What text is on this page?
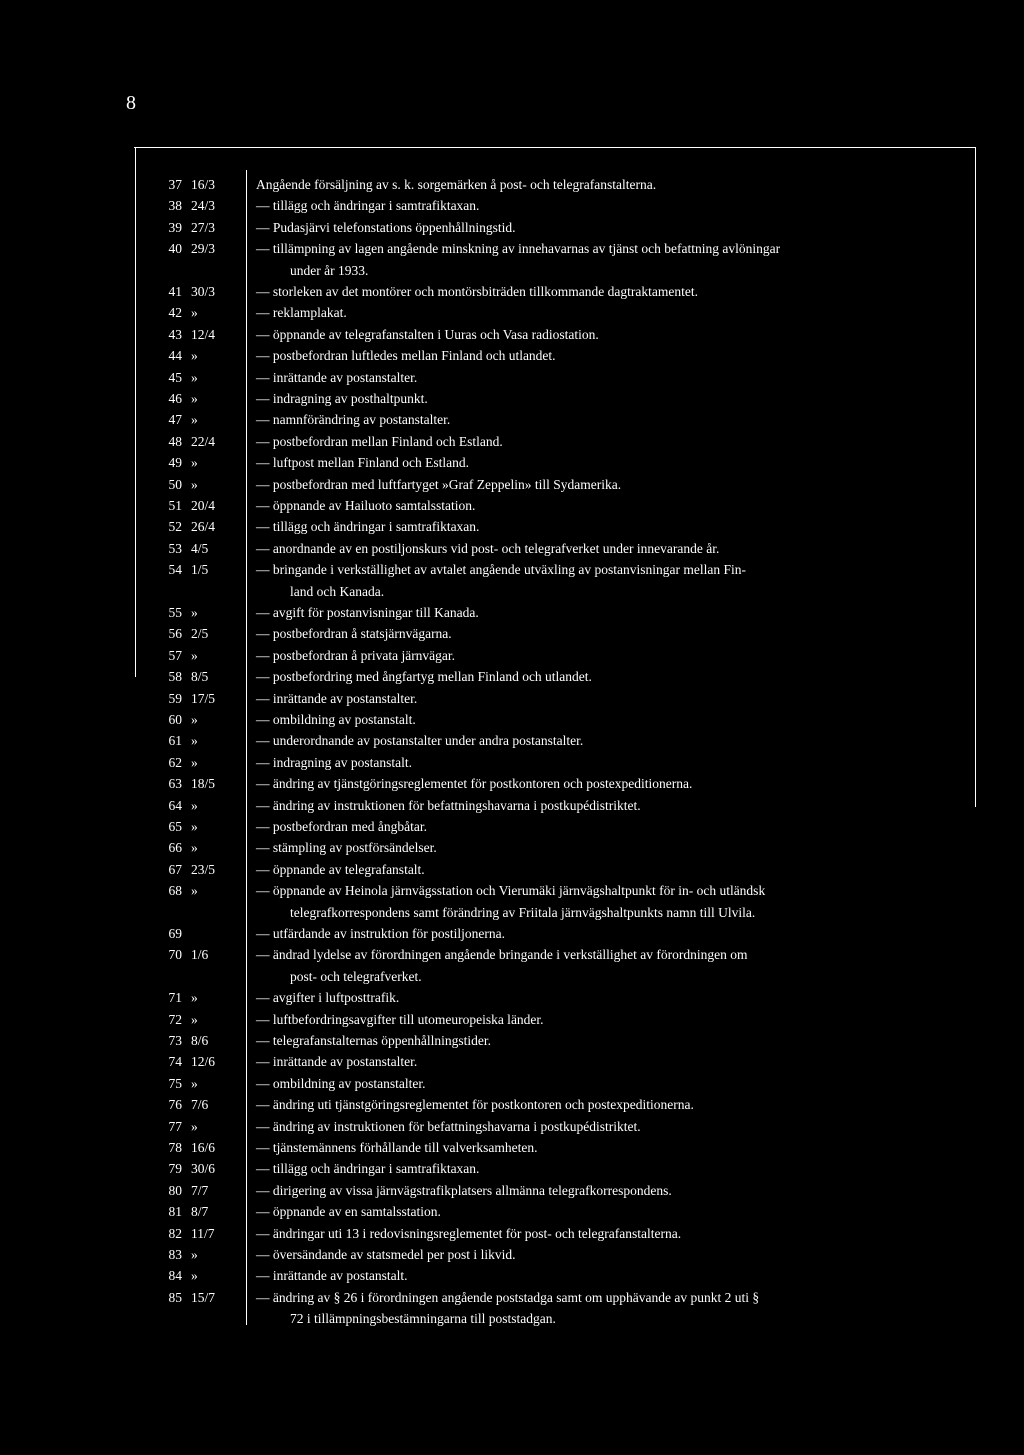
8
37 16/3	Angående försäljning av s. k. sorgemärken å post- och telegrafanstalterna.
38 24/3	— tillägg och ändringar i samtrafiktaxan.
39 27/3	— Pudasjärvi telefonstations öppenhållningstid.
40 29/3	— tillämpning av lagen angående minskning av innehavarnas av tjänst och befattning avlöningar
under år 1933.
41 30/3	— storleken av det montörer och montörsbiträden tillkommande dagtraktamentet.
42 »	— reklamplakat.
43 12/4	— öppnande av telegrafanstalten i Uuras och Vasa radiostation.
44 »	— postbefordran luftledes mellan Finland och utlandet.
45 »	— inrättande av postanstalter.
46 »	— indragning av posthaltpunkt.
47 »	— namnförändring av postanstalter.
48 22/4	— postbefordran mellan Finland och Estland.
49 »	— luftpost mellan Finland och Estland.
50 »	— postbefordran med luftfartyget »Graf Zeppelin» till Sydamerika.
51 20/4	— öppnande av Hailuoto samtalsstation.
52 26/4	— tillägg och ändringar i samtrafiktaxan.
53 4/5	— anordnande av en postiljonskurs vid post- och telegrafverket under innevarande år.
54 1/5	— bringande i verkställighet av avtalet angående utväxling av postanvisningar mellan Fin-
land och Kanada.
55 »	— avgift för postanvisningar till Kanada.
56 2/5	— postbefordran å statsjärnvägarna.
57 »	— postbefordran å privata järnvägar.
58 8/5	— postbefordring med ångfartyg mellan Finland och utlandet.
59 17/5	— inrättande av postanstalter.
60 »	— ombildning av postanstalt.
61 »	— underordnande av postanstalter under andra postanstalter.
62 »	— indragning av postanstalt.
63 18/5	— ändring av tjänstgöringsreglementet för postkontoren och postexpeditionerna.
64 »	— ändring av instruktionen för befattningshavarna i postkupédistriktet.
65 »	— postbefordran med ångbåtar.
66 »	— stämpling av postförsändelser.
67 23/5	— öppnande av telegrafanstalt.
68 »	— öppnande av Heinola järnvägsstation och Vierumäki järnvägshaltpunkt för in- och utländsk
telegrafkorrespondens samt förändring av Friitala järnvägshaltpunkts namn till Ulvila.
69	— utfärdande av instruktion för postiljonerna.
70 1/6	— ändrad lydelse av förordningen angående bringande i verkställighet av förordningen om
post- och telegrafverket.
71 »	— avgifter i luftposttrafik.
72 »	— luftbefordringsavgifter till utomeuropeiska länder.
73 8/6	— telegrafanstalternas öppenhållningstider.
74 12/6	— inrättande av postanstalter.
75 »	— ombildning av postanstalter.
76 7/6	— ändring uti tjänstgöringsreglementet för postkontoren och postexpeditionerna.
77 »	— ändring av instruktionen för befattningshavarna i postkupédistriktet.
78 16/6	— tjänstemännens förhållande till valverksamheten.
79 30/6	— tillägg och ändringar i samtrafiktaxan.
80 7/7	— dirigering av vissa järnvägstrafikplatsers allmänna telegrafkorrespondens.
81 8/7	— öppnande av en samtalsstation.
82 11/7	— ändringar uti 13 i redovisningsreglementet för post- och telegrafanstalterna.
83 »	— översändande av statsmedel per post i likvid.
84 »	— inrättande av postanstalt.
85 15/7	— ändring av § 26 i förordningen angående poststadga samt om upphävande av punkt 2 uti §
72 i tillämpningsbestämningarna till poststadgan.
